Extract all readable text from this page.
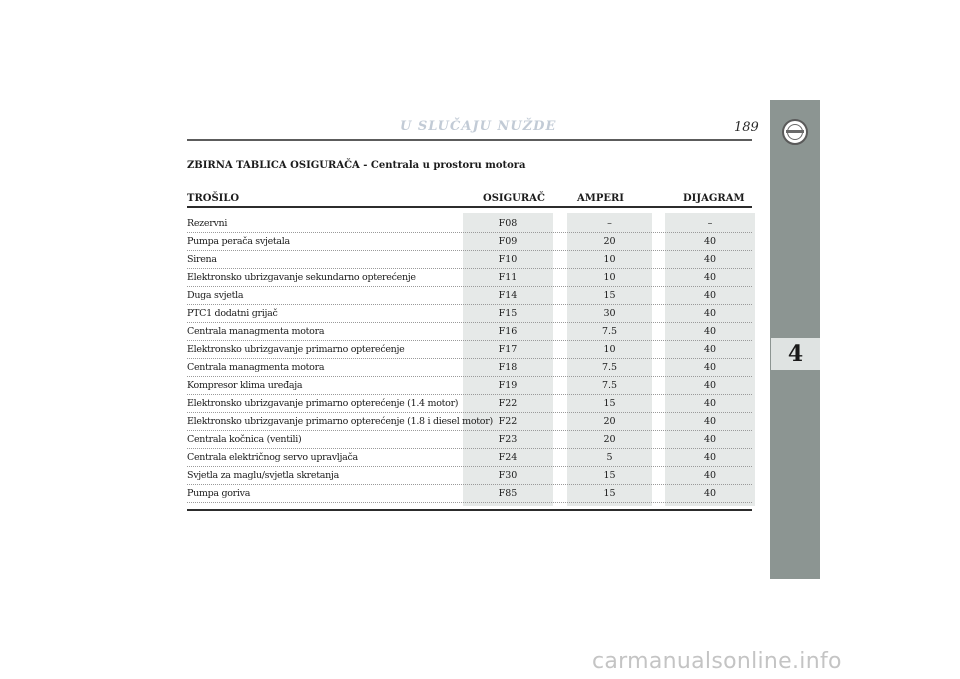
U SLUČAJU NUŽDE	189
4
ZBIRNA TABLICA OSIGURAČA - Centrala u prostoru motora
TROŠILO	OSIGURAČ	AMPERI	DIJAGRAM
Rezervni	F08	–	–
Pumpa perača svjetala	F09	20	40
Sirena	F10	10	40
Elektronsko ubrizgavanje sekundarno opterećenje	F11	10	40
Duga svjetla	F14	15	40
PTC1 dodatni grijač	F15	30	40
Centrala managmenta motora	F16	7.5	40
Elektronsko ubrizgavanje primarno opterećenje	F17	10	40
Centrala managmenta motora	F18	7.5	40
Kompresor klima uređaja	F19	7.5	40
Elektronsko ubrizgavanje primarno opterećenje (1.4 motor)	F22	15	40
Elektronsko ubrizgavanje primarno opterećenje (1.8 i diesel motor) F22	20	40
Centrala kočnica (ventili)	F23	20	40
Centrala električnog servo upravljača	F24	5	40
Svjetla za maglu/svjetla skretanja	F30	15	40
Pumpa goriva	F85	15	40
carmanualsonline.info
